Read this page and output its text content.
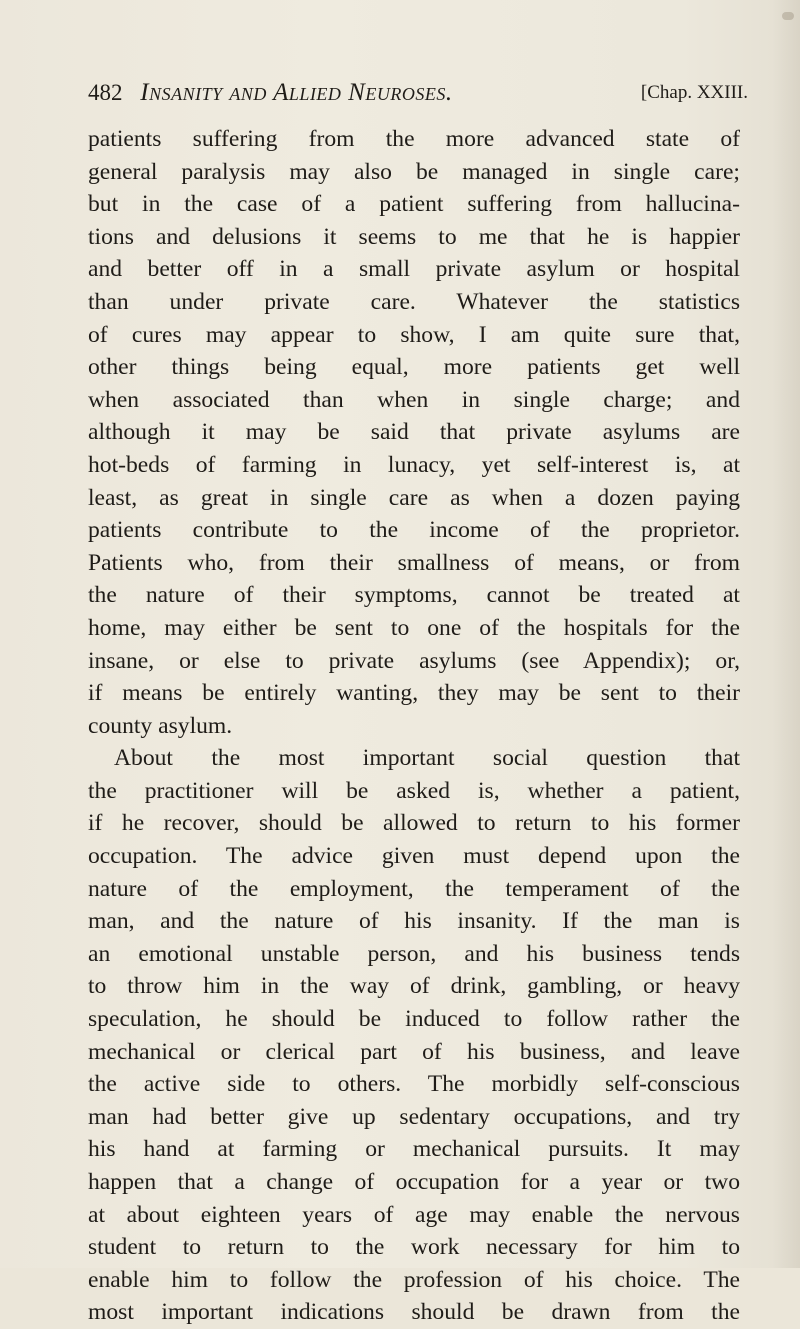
482 Insanity and Allied Neuroses.	[Chap. XXIII.
patients suffering from the more advanced state of
general paralysis may also be managed in single care;
but in the case of a patient suffering from hallucina-
tions and delusions it seems to me that he is happier
and better off in a small private asylum or hospital
than under private care. Whatever the statistics
of cures may appear to show, I am quite sure that,
other things being equal, more patients get well
when associated than when in single charge; and
although it may be said that private asylums are
hot-beds of farming in lunacy, yet self-interest is, at
least, as great in single care as when a dozen paying
patients contribute to the income of the proprietor.
Patients who, from their smallness of means, or from
the nature of their symptoms, cannot be treated at
home, may either be sent to one of the hospitals for the
insane, or else to private asylums (see Appendix); or,
if means be entirely wanting, they may be sent to their
county asylum.
About the most important social question that
the practitioner will be asked is, whether a patient,
if he recover, should be allowed to return to his former
occupation. The advice given must depend upon the
nature of the employment, the temperament of the
man, and the nature of his insanity. If the man is
an emotional unstable person, and his business tends
to throw him in the way of drink, gambling, or heavy
speculation, he should be induced to follow rather the
mechanical or clerical part of his business, and leave
the active side to others. The morbidly self-conscious
man had better give up sedentary occupations, and try
his hand at farming or mechanical pursuits. It may
happen that a change of occupation for a year or two
at about eighteen years of age may enable the nervous
student to return to the work necessary for him to
enable him to follow the profession of his choice. The
most important indications should be drawn from the
